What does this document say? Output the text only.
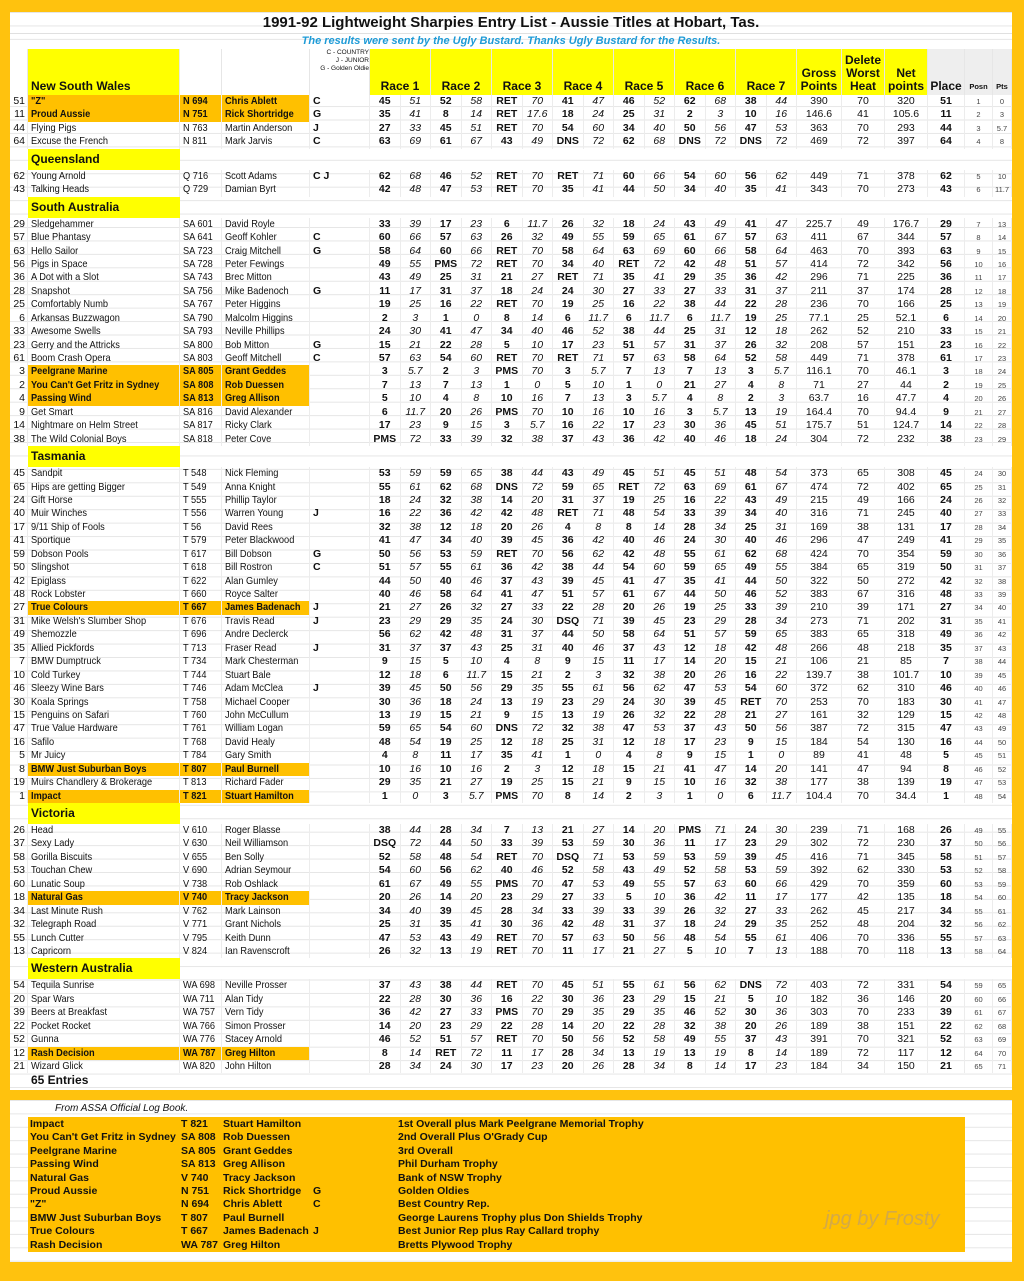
1991-92 Lightweight Sharpies Entry List - Aussie Titles at Hobart, Tas.
The results were sent by the Ugly Bustard. Thanks Ugly Bustard for the Results.
New South Wales
C - COUNTRY
J - JUNIOR
G - Golden Oldie
Race 1	Race 2	Race 3	Race 4	Race 5	Race 6	Race 7
Gross
Points
Delete
Worst
Heat
Net
points Place	Posn	Pts
51 "Z"	N 694	Chris Ablett	C	45	51	52	58	RET	70	41	47	46	52	62	68	38	44	390	70	320	51	1	0
11 Proud Aussie	N 751	Rick Shortridge	G	35	41	8	14	RET 17.6	18	24	25	31	2	3	10	16	146.6	41	105.6	11	2	3
44 Flying Pigs	N 763	Martin Anderson	J	27	33	45	51	RET	70	54	60	34	40	50	56	47	53	363	70	293	44	3	5.7
64 Excuse the French	N 811	Mark Jarvis	C	63	69	61	67	43	49	DNS	72	62	68	DNS	72	DNS	72	469	72	397	64	4	8
Queensland
62 Young Arnold	Q 716	Scott Adams	C J	62	68	46	52	RET	70	RET	71	60	66	54	60	56	62	449	71	378	62	5	10
43 Talking Heads	Q 729	Damian Byrt	42	48	47	53	RET	70	35	41	44	50	34	40	35	41	343	70	273	43	6	11.7
South Australia
29 Sledgehammer	SA 601	David Royle	33	39	17	23	6	11.7	26	32	18	24	43	49	41	47	225.7	49	176.7	29	7	13
57 Blue Phantasy	SA 641	Geoff Kohler	C	60	66	57	63	26	32	49	55	59	65	61	67	57	63	411	67	344	57	8	14
63 Hello Sailor	SA 723	Craig Mitchell	G	58	64	60	66	RET	70	58	64	63	69	60	66	58	64	463	70	393	63	9	15
56 Pigs in Space	SA 728	Peter Fewings	49	55	PMS	72	RET	70	34	40	RET	72	42	48	51	57	414	72	342	56	10	16
36 A Dot with a Slot	SA 743	Brec Mitton	43	49	25	31	21	27	RET	71	35	41	29	35	36	42	296	71	225	36	11	17
28 Snapshot	SA 756	Mike Badenoch	G	11	17	31	37	18	24	24	30	27	33	27	33	31	37	211	37	174	28	12	18
25 Comfortably Numb	SA 767	Peter Higgins	19	25	16	22	RET	70	19	25	16	22	38	44	22	28	236	70	166	25	13	19
6 Arkansas Buzzwagon	SA 790	Malcolm Higgins	2	3	1	0	8	14	6	11.7	6	11.7	6	11.7	19	25	77.1	25	52.1	6	14	20
33 Awesome Swells	SA 793	Neville Phillips	24	30	41	47	34	40	46	52	38	44	25	31	12	18	262	52	210	33	15	21
23 Gerry and the Attricks	SA 800	Bob Mitton	G	15	21	22	28	5	10	17	23	51	57	31	37	26	32	208	57	151	23	16	22
61 Boom Crash Opera	SA 803	Geoff Mitchell	C	57	63	54	60	RET	70	RET	71	57	63	58	64	52	58	449	71	378	61	17	23
3 Peelgrane Marine	SA 805	Grant Geddes	3	5.7	2	3	PMS	70	3	5.7	7	13	7	13	3	5.7	116.1	70	46.1	3	18	24
2 You Can't Get Fritz in Sydney	SA 808	Rob Duessen	7	13	7	13	1	0	5	10	1	0	21	27	4	8	71	27	44	2	19	25
4 Passing Wind	SA 813	Greg Allison	5	10	4	8	10	16	7	13	3	5.7	4	8	2	3	63.7	16	47.7	4	20	26
9 Get Smart	SA 816	David Alexander	6	11.7	20	26	PMS	70	10	16	10	16	3	5.7	13	19	164.4	70	94.4	9	21	27
14 Nightmare on Helm Street	SA 817	Ricky Clark	17	23	9	15	3	5.7	16	22	17	23	30	36	45	51	175.7	51	124.7	14	22	28
38 The Wild Colonial Boys	SA 818	Peter Cove	PMS	72	33	39	32	38	37	43	36	42	40	46	18	24	304	72	232	38	23	29
Tasmania
45 Sandpit	T 548	Nick Fleming	53	59	59	65	38	44	43	49	45	51	45	51	48	54	373	65	308	45	24	30
65 Hips are getting Bigger	T 549	Anna Knight	55	61	62	68	DNS	72	59	65	RET	72	63	69	61	67	474	72	402	65	25	31
24 Gift Horse	T 555	Phillip Taylor	18	24	32	38	14	20	31	37	19	25	16	22	43	49	215	49	166	24	26	32
40 Muir Winches	T 556	Warren Young	J	16	22	36	42	42	48	RET	71	48	54	33	39	34	40	316	71	245	40	27	33
17 9/11 Ship of Fools	T 56	David Rees	32	38	12	18	20	26	4	8	8	14	28	34	25	31	169	38	131	17	28	34
41 Sportique	T 579	Peter Blackwood	41	47	34	40	39	45	36	42	40	46	24	30	40	46	296	47	249	41	29	35
59 Dobson Pools	T 617	Bill Dobson	G	50	56	53	59	RET	70	56	62	42	48	55	61	62	68	424	70	354	59	30	36
50 Slingshot	T 618	Bill Rostron	C	51	57	55	61	36	42	38	44	54	60	59	65	49	55	384	65	319	50	31	37
42 Epiglass	T 622	Alan Gumley	44	50	40	46	37	43	39	45	41	47	35	41	44	50	322	50	272	42	32	38
48 Rock Lobster	T 660	Royce Salter	40	46	58	64	41	47	51	57	61	67	44	50	46	52	383	67	316	48	33	39
27 True Colours	T 667	James Badenach	J	21	27	26	32	27	33	22	28	20	26	19	25	33	39	210	39	171	27	34	40
31 Mike Welsh's Slumber Shop	T 676	Travis Read	J	23	29	29	35	24	30	DSQ	71	39	45	23	29	28	34	273	71	202	31	35	41
49 Shemozzle	T 696	Andre Declerck	56	62	42	48	31	37	44	50	58	64	51	57	59	65	383	65	318	49	36	42
35 Allied Pickfords	T 713	Fraser Read	J	31	37	37	43	25	31	40	46	37	43	12	18	42	48	266	48	218	35	37	43
7 BMW Dumptruck	T 734	Mark Chesterman	9	15	5	10	4	8	9	15	11	17	14	20	15	21	106	21	85	7	38	44
10 Cold Turkey	T 744	Stuart Bale	12	18	6	11.7	15	21	2	3	32	38	20	26	16	22	139.7	38	101.7	10	39	45
46 Sleezy Wine Bars	T 746	Adam McClea	J	39	45	50	56	29	35	55	61	56	62	47	53	54	60	372	62	310	46	40	46
30 Koala Springs	T 758	Michael Cooper	30	36	18	24	13	19	23	29	24	30	39	45	RET	70	253	70	183	30	41	47
15 Penguins on Safari	T 760	John McCullum	13	19	15	21	9	15	13	19	26	32	22	28	21	27	161	32	129	15	42	48
47 True Value Hardware	T 761	William Logan	59	65	54	60	DNS	72	32	38	47	53	37	43	50	56	387	72	315	47	43	49
16 Safilo	T 768	David Healy	48	54	19	25	12	18	25	31	12	18	17	23	9	15	184	54	130	16	44	50
5 Mr Juicy	T 784	Gary Smith	4	8	11	17	35	41	1	0	4	8	9	15	1	0	89	41	48	5	45	51
8 BMW Just Suburban Boys	T 807	Paul Burnell	10	16	10	16	2	3	12	18	15	21	41	47	14	20	141	47	94	8	46	52
19 Muirs Chandlery & Brokerage	T 813	Richard Fader	29	35	21	27	19	25	15	21	9	15	10	16	32	38	177	38	139	19	47	53
1 Impact	T 821	Stuart Hamilton	1	0	3	5.7	PMS	70	8	14	2	3	1	0	6	11.7	104.4	70	34.4	1	48	54
Victoria
26 Head	V 610	Roger Blasse	38	44	28	34	7	13	21	27	14	20	PMS	71	24	30	239	71	168	26	49	55
37 Sexy Lady	V 630	Neil Williamson	DSQ	72	44	50	33	39	53	59	30	36	11	17	23	29	302	72	230	37	50	56
58 Gorilla Biscuits	V 655	Ben Solly	52	58	48	54	RET	70	DSQ	71	53	59	53	59	39	45	416	71	345	58	51	57
53 Touchan Chew	V 690	Adrian Seymour	54	60	56	62	40	46	52	58	43	49	52	58	53	59	392	62	330	53	52	58
60 Lunatic Soup	V 738	Rob Oshlack	61	67	49	55	PMS	70	47	53	49	55	57	63	60	66	429	70	359	60	53	59
18 Natural Gas	V 740	Tracy Jackson	20	26	14	20	23	29	27	33	5	10	36	42	11	17	177	42	135	18	54	60
34 Last Minute Rush	V 762	Mark Lainson	34	40	39	45	28	34	33	39	33	39	26	32	27	33	262	45	217	34	55	61
32 Telegraph Road	V 771	Grant Nichols	25	31	35	41	30	36	42	48	31	37	18	24	29	35	252	48	204	32	56	62
55 Lunch Cutter	V 795	Keith Dunn	47	53	43	49	RET	70	57	63	50	56	48	54	55	61	406	70	336	55	57	63
13 Capricorn	V 824	Ian Ravenscroft	26	32	13	19	RET	70	11	17	21	27	5	10	7	13	188	70	118	13	58	64
Western Australia
54 Tequila Sunrise	WA 698 Neville Prosser	37	43	38	44	RET	70	45	51	55	61	56	62	DNS	72	403	72	331	54	59	65
20 Spar Wars	WA 711	Alan Tidy	22	28	30	36	16	22	30	36	23	29	15	21	5	10	182	36	146	20	60	66
39 Beers at Breakfast	WA 757 Vern Tidy	36	42	27	33	PMS	70	29	35	29	35	46	52	30	36	303	70	233	39	61	67
22 Pocket Rocket	WA 766 Simon Prosser	14	20	23	29	22	28	14	20	22	28	32	38	20	26	189	38	151	22	62	68
52 Gunna	WA 776 Stacey Arnold	46	52	51	57	RET	70	50	56	52	58	49	55	37	43	391	70	321	52	63	69
12 Rash Decision	WA 787 Greg Hilton	8	14	RET	72	11	17	28	34	13	19	13	19	8	14	189	72	117	12	64	70
21 Wizard Glick	WA 820 John Hilton	28	34	24	30	17	23	20	26	28	34	8	14	17	23	184	34	150	21	65	71
65 Entries
From ASSA Official Log Book.
Impact	T 821	Stuart Hamilton	1st Overall plus Mark Peelgrane Memorial Trophy
You Can't Get Fritz in Sydney SA 808 Rob Duessen	2nd Overall Plus O'Grady Cup
Peelgrane Marine	SA 805 Grant Geddes	3rd Overall
Passing Wind	SA 813 Greg Allison	Phil Durham Trophy
Natural Gas	V 740	Tracy Jackson	Bank of NSW Trophy
Proud Aussie	N 751	Rick Shortridge	G	Golden Oldies
"Z"	N 694	Chris Ablett	C	Best Country Rep.
BMW Just Suburban Boys	T 807	Paul Burnell	George Laurens Trophy plus Don Shields Trophy
True Colours	T 667	James Badenach J	Best Junior Rep plus Ray Callard trophy
Rash Decision	WA 787 Greg Hilton	Bretts Plywood Trophy
jpg by Frosty
